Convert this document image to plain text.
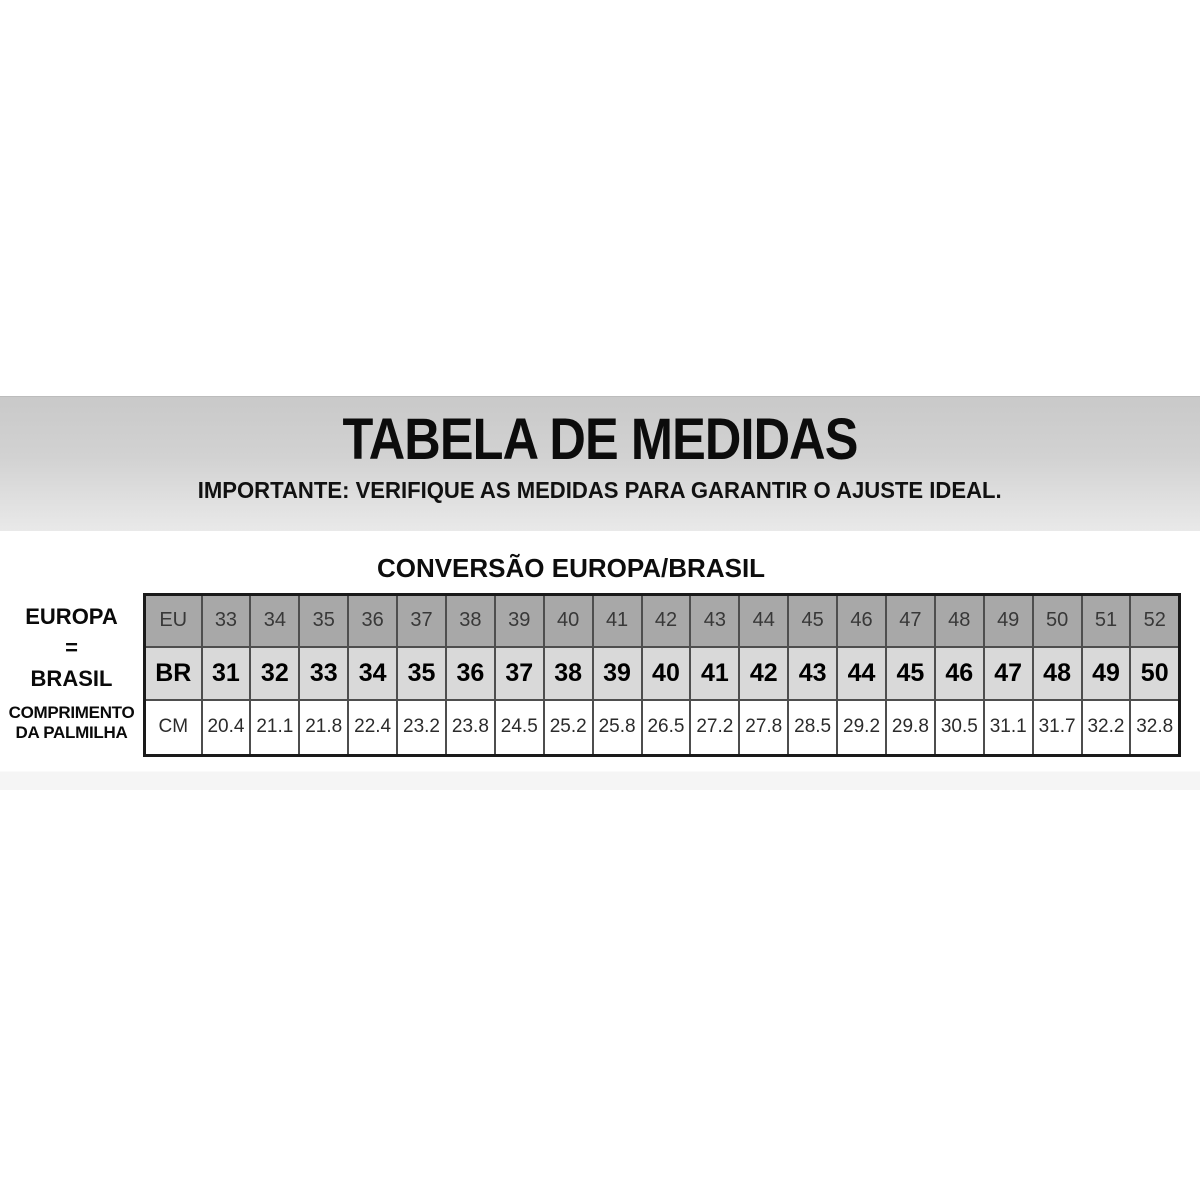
TABELA DE MEDIDAS
IMPORTANTE: VERIFIQUE AS MEDIDAS PARA GARANTIR O AJUSTE IDEAL.
CONVERSÃO EUROPA/BRASIL
EUROPA
=
BRASIL
COMPRIMENTO
DA PALMILHA
EU	33	34	35	36	37	38	39	40	41	42	43	44	45	46	47	48	49	50	51	52
BR	31	32	33	34	35	36	37	38	39	40	41	42	43	44	45	46	47	48	49	50
CM	20.4	21.1	21.8	22.4	23.2	23.8	24.5	25.2	25.8	26.5	27.2	27.8	28.5	29.2	29.8	30.5	31.1	31.7	32.2	32.8
